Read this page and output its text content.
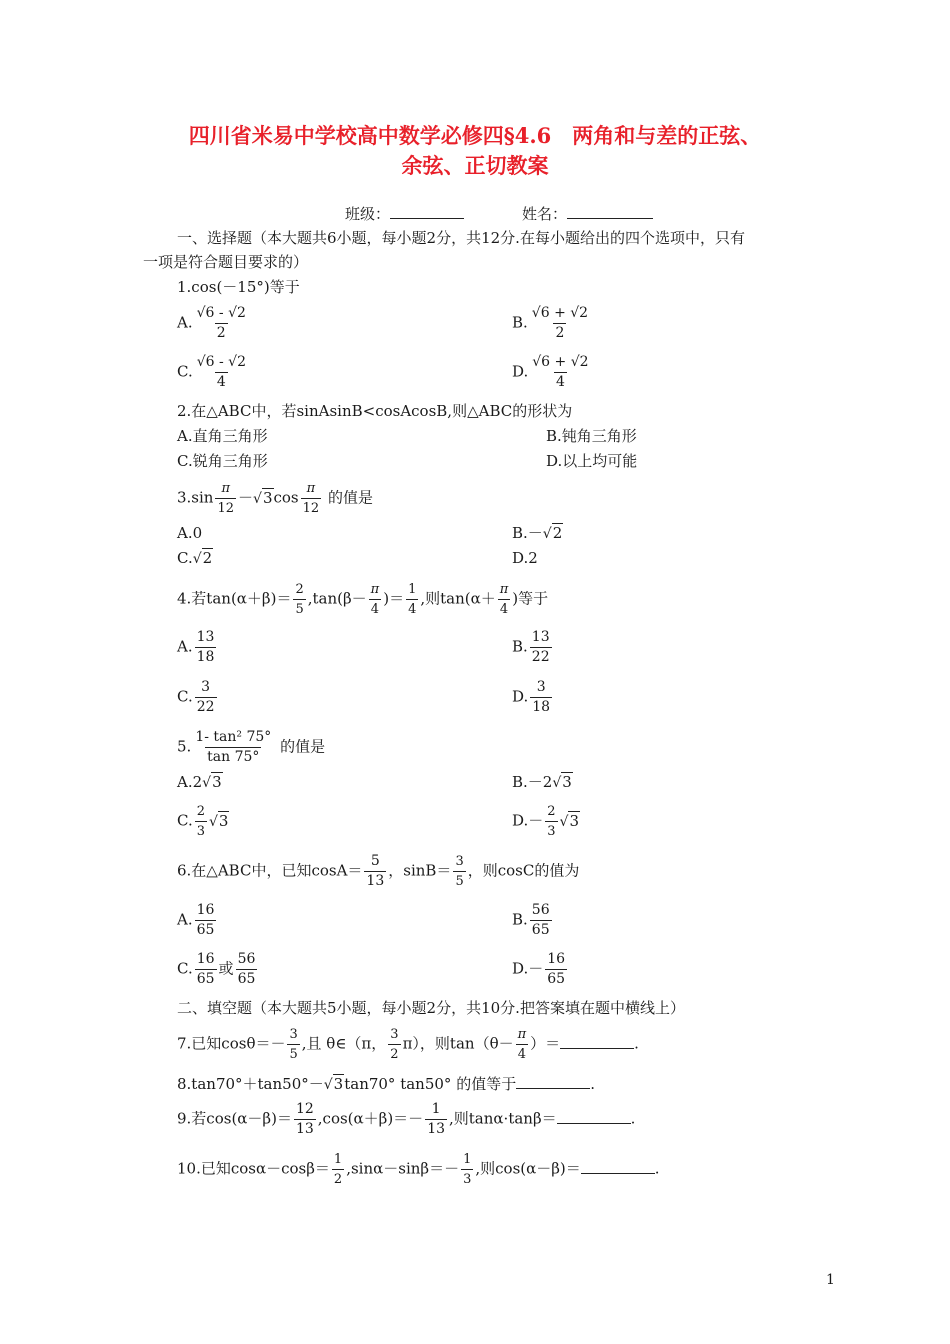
四川省米易中学校高中数学必修四§4.6　两角和与差的正弦、
余弦、正切教案
班级：	姓名：
一、选择题（本大题共6小题，每小题2分，共12分.在每小题给出的四个选项中，只有
一项是符合题目要求的）
1.cos(－15°)等于
A. $\frac{√6 - √2}{2}$	B. $\frac{√6 + √2}{2}$
C. $\frac{√6 - √2}{4}$	D. $\frac{√6 + √2}{4}$
2.在△ABC中，若sinAsinB<cosAcosB,则△ABC的形状为
A.直角三角形	B.钝角三角形
C.锐角三角形	D.以上均可能
$3.\sin \frac{\pi}{12} -√3\cos \frac{\pi}{12}$ 的值是
A.0	B.－√2
C.√2	D.2
4.若$\tan(\alpha+\beta)= \frac{2}{5} ,\tan(\beta- \frac{\pi}{4}$ )＝ $\frac{1}{4}$ ,则$\tan(\alpha+ \frac{\pi}{4}$ )等于
A. $\frac{13}{18}$	B. $\frac{13}{22}$
C. $\frac{3}{22}$	D. $\frac{3}{18}$
5. $\frac{\text{1- tan² 75°}}{\tan 75^\circ}$ 的值是
A.2√3	B.－2√3
C. $\frac{2}{3} √3$	$D.- \frac{2}{3} √3$
6.在△ABC中，已知$\cos A= \frac{5}{13}$ ，$\sin B= \frac{3}{5}$ ，则cosC的值为
A. $\frac{16}{65}$	B. $\frac{56}{65}$
C. $\frac{16}{65}$ 或 $\frac{56}{65}$	$D.- \frac{16}{65}$
二、填空题（本大题共5小题，每小题2分，共10分.把答案填在题中横线上）
7.已知$\cos\theta=- \frac{3}{5}$ ,且 θ∈（π， $\frac{3}{2} \pi$），则$\tan(\theta- \frac{\pi}{4}$ ）＝	.
8.tan70°＋tan50°－√3tan70° tan50° 的值等于	.
9.若$\cos(\alpha-\beta)= \frac{12}{13} ,\cos(\alpha+\beta)=- \frac{1}{13}$ ,则tanα·tanβ＝	.
10.已知$\cos\alpha-\cos\beta= \frac{1}{2} ,\sin\alpha-\sin\beta=- \frac{1}{3}$ ,则cos(α－β)＝	.
1
